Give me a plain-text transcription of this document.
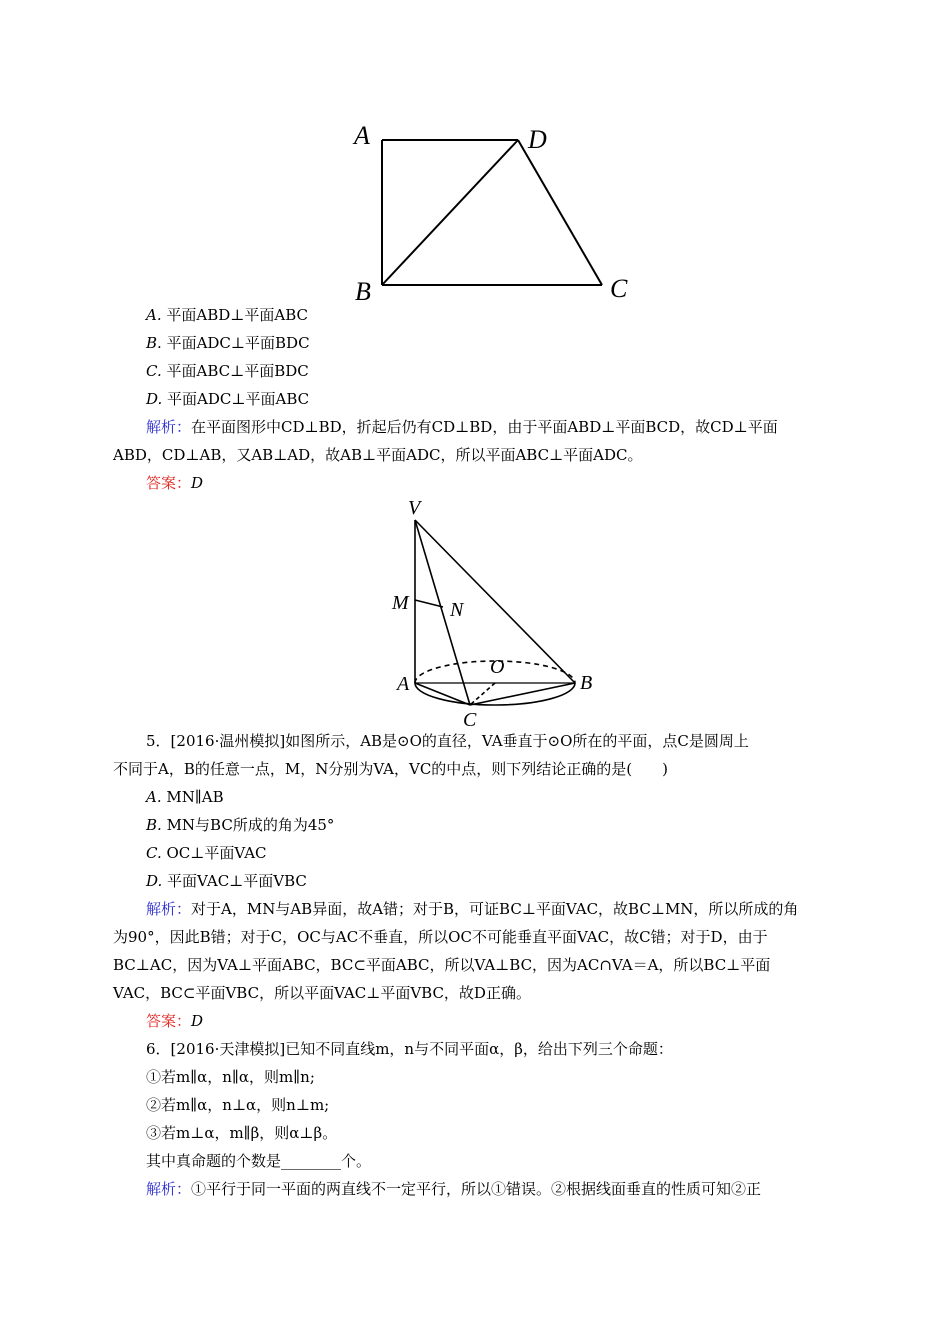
A	D
B	C
A. 平面ABD⊥平面ABC
B. 平面ADC⊥平面BDC
C. 平面ABC⊥平面BDC
D. 平面ADC⊥平面ABC
解析：在平面图形中CD⊥BD，折起后仍有CD⊥BD，由于平面ABD⊥平面BCD，故CD⊥平面
ABD，CD⊥AB，又AB⊥AD，故AB⊥平面ADC，所以平面ABC⊥平面ADC。
答案：D
V
M N
O
A	B
C
5．[2016·温州模拟]如图所示，AB是⊙O的直径，VA垂直于⊙O所在的平面，点C是圆周上
不同于A，B的任意一点，M，N分别为VA，VC的中点，则下列结论正确的是(　　)
A. MN∥AB
B. MN与BC所成的角为45°
C. OC⊥平面VAC
D. 平面VAC⊥平面VBC
解析：对于A，MN与AB异面，故A错；对于B，可证BC⊥平面VAC，故BC⊥MN，所以所成的角
为90°，因此B错；对于C，OC与AC不垂直，所以OC不可能垂直平面VAC，故C错；对于D，由于
BC⊥AC，因为VA⊥平面ABC，BC⊂平面ABC，所以VA⊥BC，因为AC∩VA＝A，所以BC⊥平面
VAC，BC⊂平面VBC，所以平面VAC⊥平面VBC，故D正确。
答案：D
6．[2016·天津模拟]已知不同直线m，n与不同平面α，β，给出下列三个命题：
①若m∥α，n∥α，则m∥n;
②若m∥α，n⊥α，则n⊥m;
③若m⊥α，m∥β，则α⊥β。
其中真命题的个数是________个。
解析：①平行于同一平面的两直线不一定平行，所以①错误。②根据线面垂直的性质可知②正
